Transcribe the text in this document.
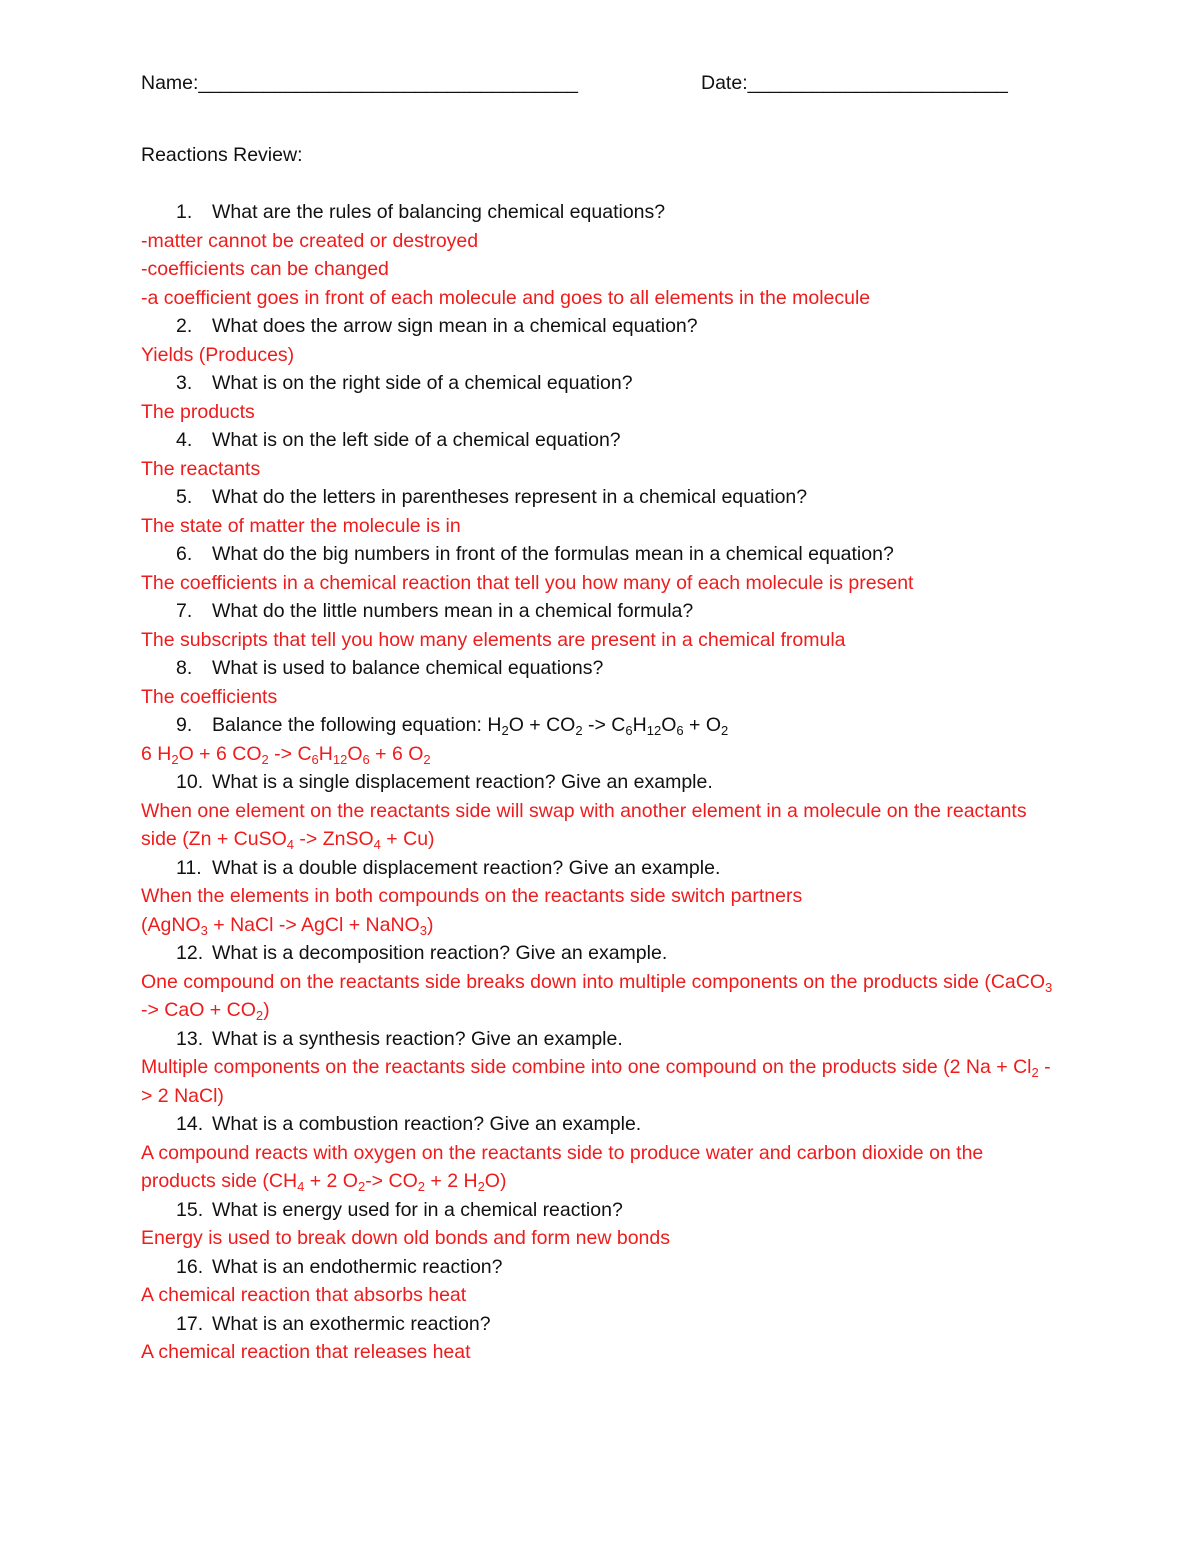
Name:___________________________________	Date:________________________
Reactions Review:
1. What are the rules of balancing chemical equations?
-matter cannot be created or destroyed
-coefficients can be changed
-a coefficient goes in front of each molecule and goes to all elements in the molecule
2. What does the arrow sign mean in a chemical equation?
Yields (Produces)
3. What is on the right side of a chemical equation?
The products
4. What is on the left side of a chemical equation?
The reactants
5. What do the letters in parentheses represent in a chemical equation?
The state of matter the molecule is in
6. What do the big numbers in front of the formulas mean in a chemical equation?
The coefficients in a chemical reaction that tell you how many of each molecule is present
7. What do the little numbers mean in a chemical formula?
The subscripts that tell you how many elements are present in a chemical fromula
8. What is used to balance chemical equations?
The coefficients
9. Balance the following equation: $H_2O + CO_2 -> C_6H_{12}O_6 + O_2$
6 $H_2O + 6$ $CO_2 -> C_6H_{12}O_6 + 6$ $O_2$
10. What is a single displacement reaction? Give an example.
When one element on the reactants side will swap with another element in a molecule on the reactants side (Zn + CuSO$_4$ -> ZnSO$_4$ + Cu)
11. What is a double displacement reaction? Give an example.
When the elements in both compounds on the reactants side switch partners
(AgNO$_3$ + NaCl -> AgCl + NaNO$_3$)
12. What is a decomposition reaction? Give an example.
One compound on the reactants side breaks down into multiple components on the products side (CaCO$_3$ -> CaO + $CO_2$)
13. What is a synthesis reaction? Give an example.
Multiple components on the reactants side combine into one compound on the products side (2 $Na + Cl_2 -> 2$ NaCl)
14. What is a combustion reaction? Give an example.
A compound reacts with oxygen on the reactants side to produce water and carbon dioxide on the products side ($CH_4 + 2$ $O_2-> CO_2 + 2$ $H_2O$)
15. What is energy used for in a chemical reaction?
Energy is used to break down old bonds and form new bonds
16. What is an endothermic reaction?
A chemical reaction that absorbs heat
17. What is an exothermic reaction?
A chemical reaction that releases heat
